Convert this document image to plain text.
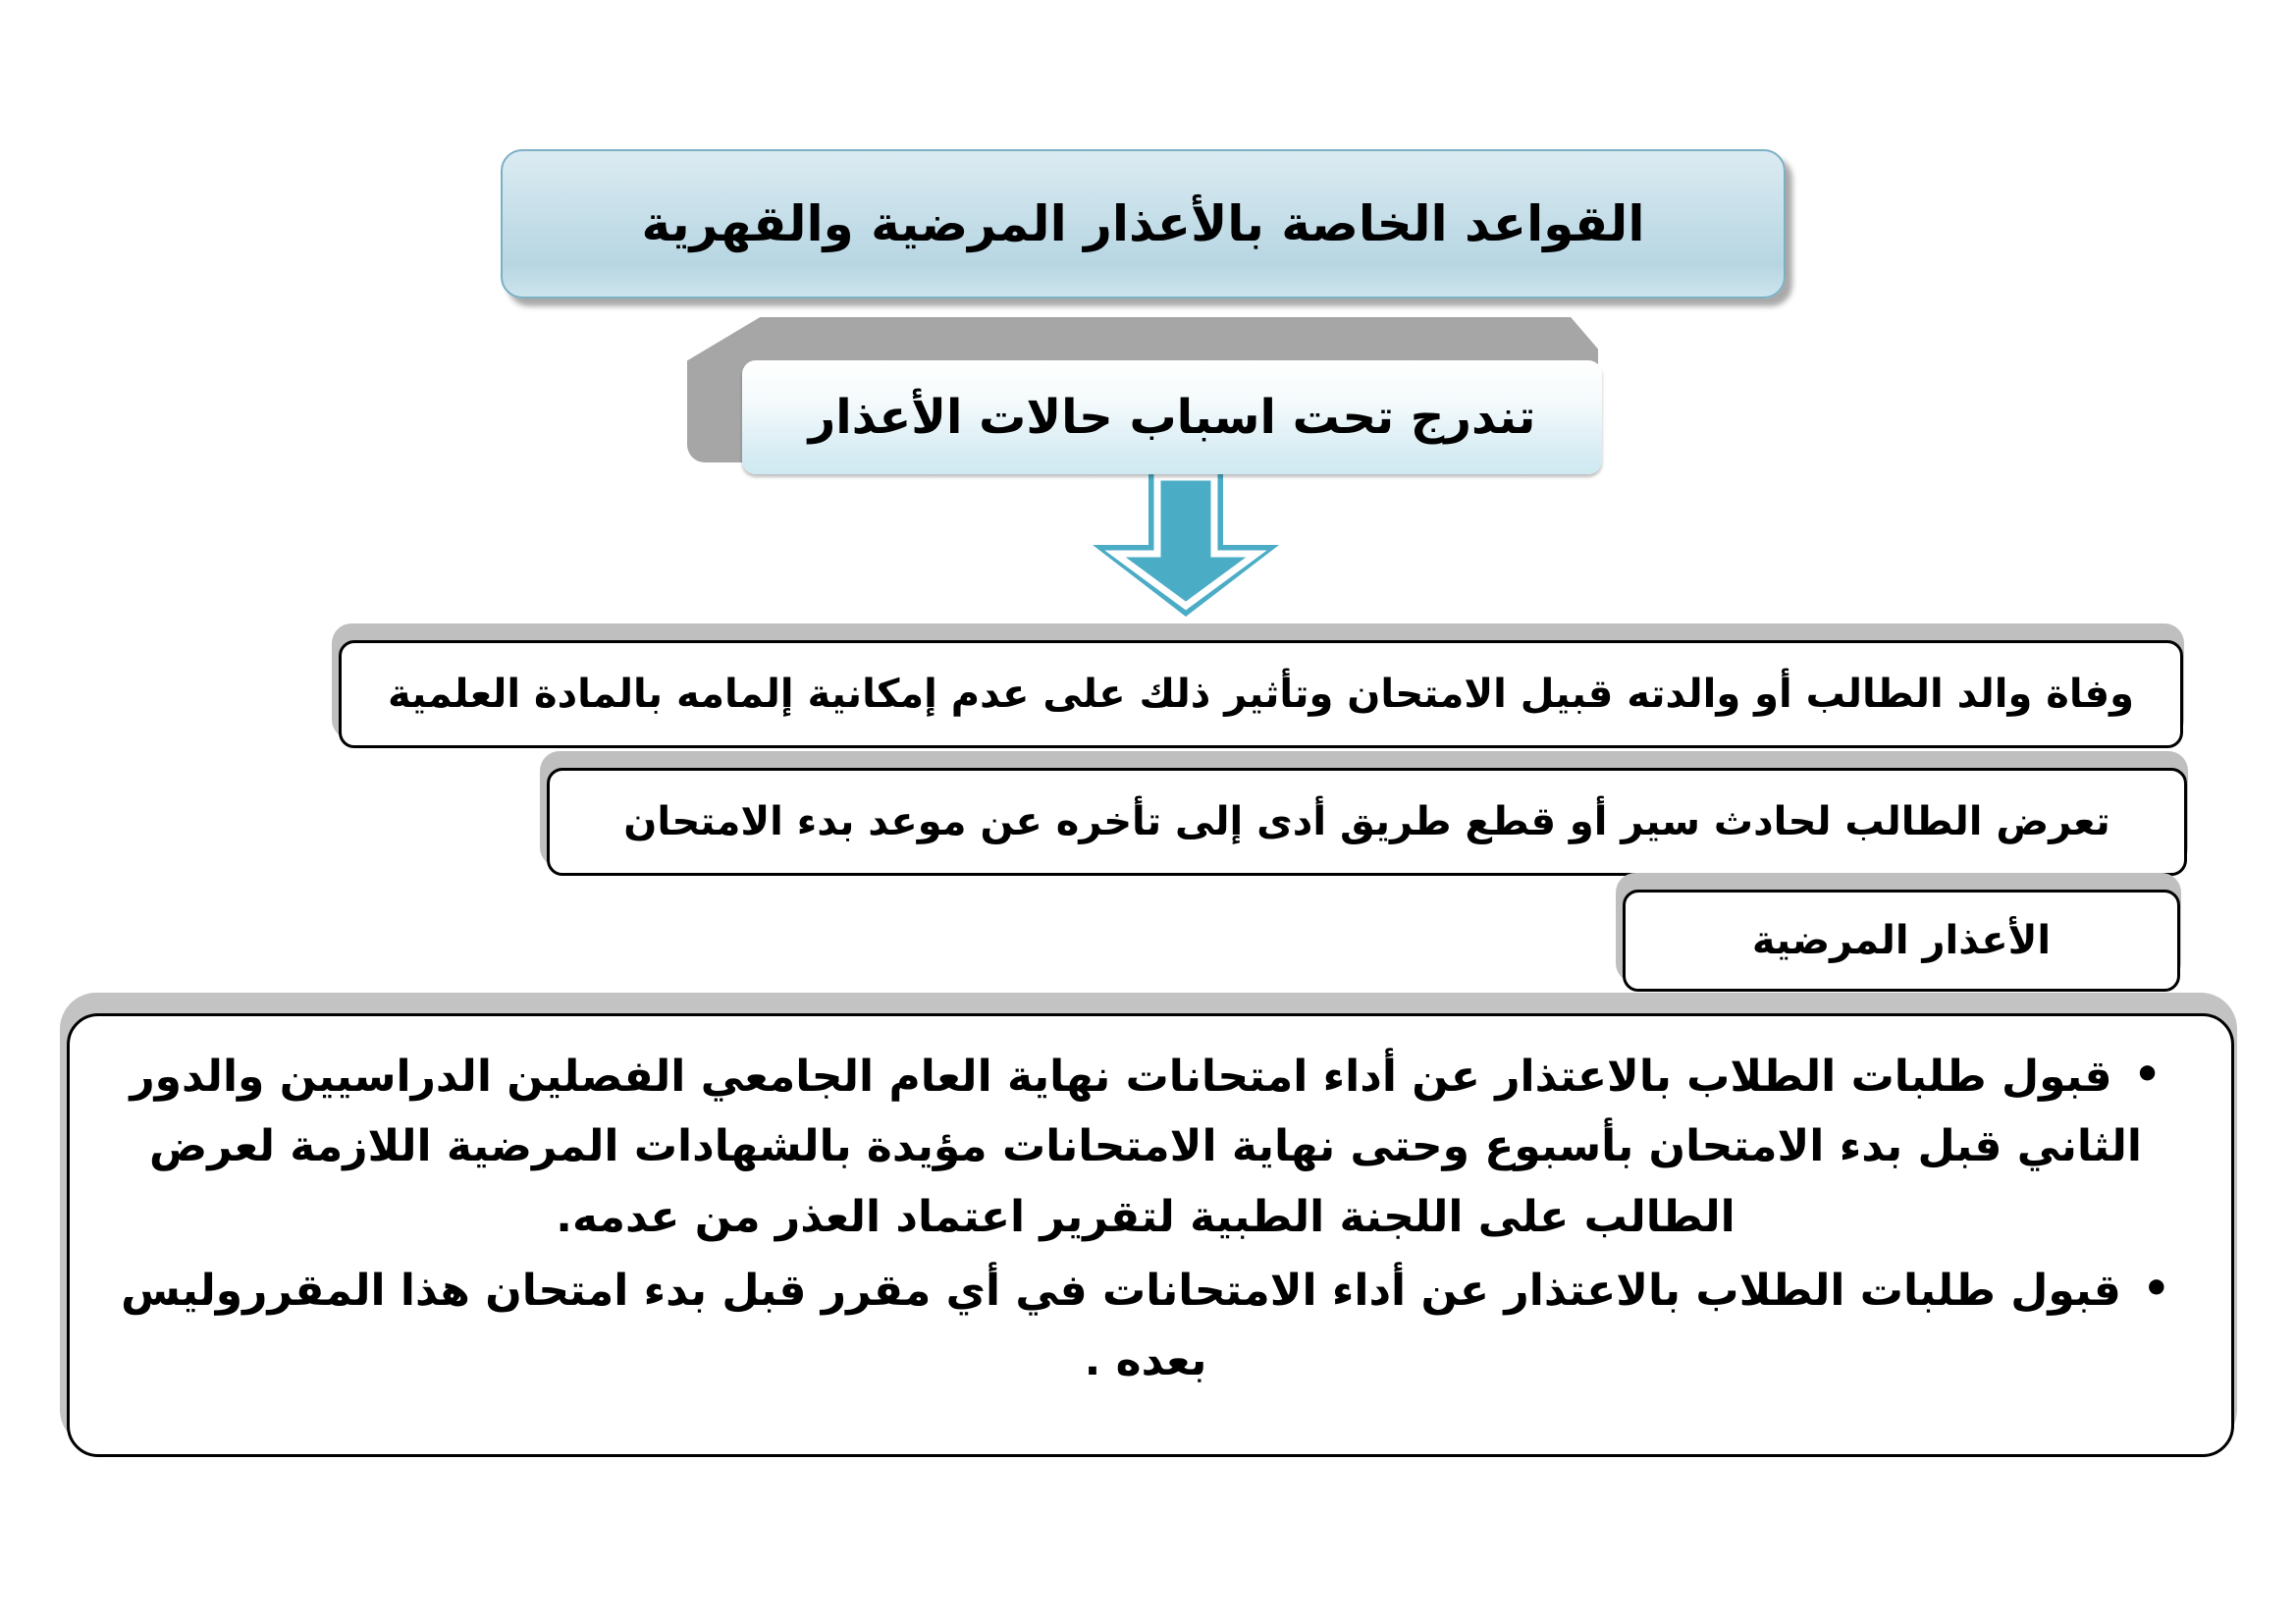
القواعد الخاصة بالأعذار المرضية والقهرية
تندرج تحت اسباب حالات الأعذار
وفاة والد الطالب أو والدته قبيل الامتحان وتأثير ذلك على عدم إمكانية إلمامه بالمادة العلمية
تعرض الطالب لحادث سير أو قطع طريق أدى إلى تأخره عن موعد بدء الامتحان
الأعذار المرضية
•قبول طلبات الطلاب بالاعتذار عن أداء امتحانات نهاية العام الجامعي الفصلين الدراسيين والدور الثاني قبل بدء الامتحان بأسبوع وحتى نهاية الامتحانات مؤيدة بالشهادات المرضية اللازمة لعرض الطالب على اللجنة الطبية لتقرير اعتماد العذر من عدمه.
•قبول طلبات الطلاب بالاعتذار عن أداء الامتحانات في أي مقرر قبل بدء امتحان هذا المقرروليس بعده .
